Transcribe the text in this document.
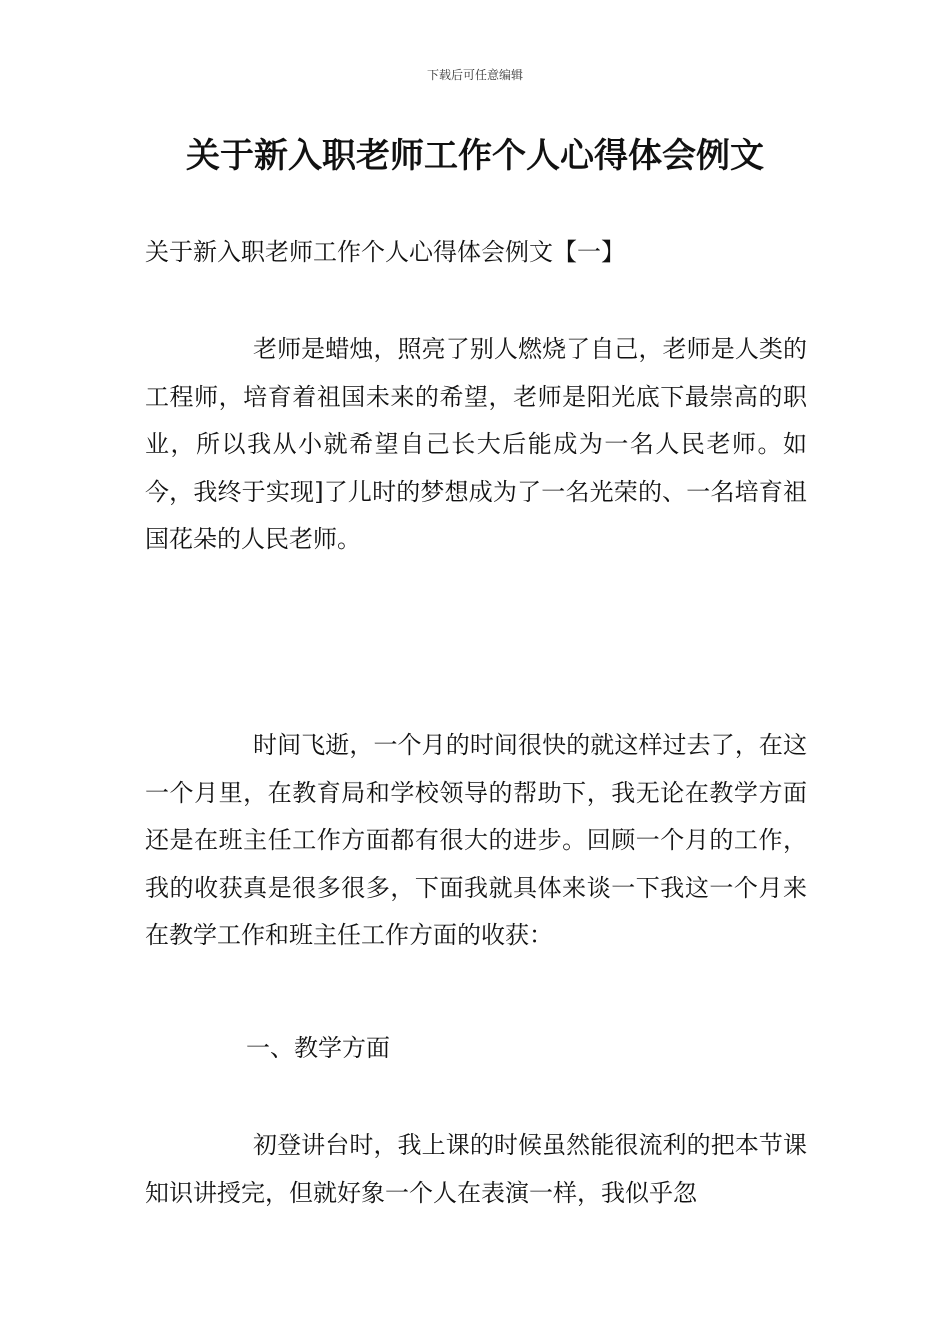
下载后可任意编辑
关于新入职老师工作个人心得体会例文
关于新入职老师工作个人心得体会例文【一】

老师是蜡烛，照亮了别人燃烧了自己，老师是人类的工程师，培育着祖国未来的希望，老师是阳光底下最崇高的职业，所以我从小就希望自己长大后能成为一名人民老师。如今，我终于实现]了儿时的梦想成为了一名光荣的、一名培育祖国花朵的人民老师。

时间飞逝，一个月的时间很快的就这样过去了，在这一个月里，在教育局和学校领导的帮助下，我无论在教学方面还是在班主任工作方面都有很大的进步。回顾一个月的工作，我的收获真是很多很多，下面我就具体来谈一下我这一个月来在教学工作和班主任工作方面的收获：

一、教学方面

初登讲台时，我上课的时候虽然能很流利的把本节课知识讲授完，但就好象一个人在表演一样，我似乎忽
